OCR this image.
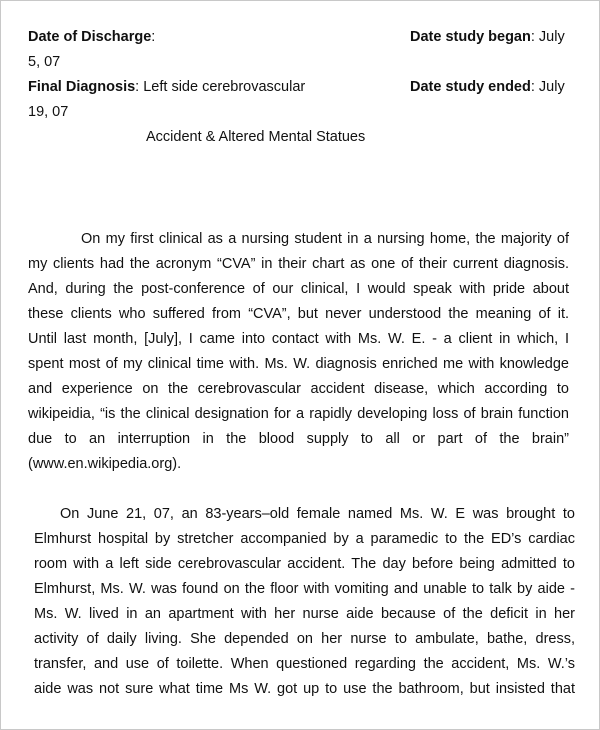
Date of Discharge:	Date study began: July
5, 07
Final Diagnosis: Left side cerebrovascular	Date study ended: July
19, 07
Accident & Altered Mental Statues
On my first clinical as a nursing student in a nursing home, the majority of
my clients had the acronym “CVA” in their chart as one of their current diagnosis.
And, during the post-conference of our clinical, I would speak with pride about
these clients who suffered from “CVA”, but never understood the meaning of it.
Until last month, [July], I came into contact with Ms. W. E. - a client in which, I
spent most of my clinical time with. Ms. W. diagnosis enriched me with knowledge
and experience on the cerebrovascular accident disease, which according to
wikipeidia, “is the clinical designation for a rapidly developing loss of brain function
due to an interruption in the blood supply to all or part of the brain”
(www.en.wikipedia.org).
On June 21, 07, an 83-years–old female named Ms. W. E was brought to
Elmhurst hospital by stretcher accompanied by a paramedic to the ED’s cardiac
room with a left side cerebrovascular accident. The day before being admitted to
Elmhurst, Ms. W. was found on the floor with vomiting and unable to talk by aide -
Ms. W. lived in an apartment with her nurse aide because of the deficit in her
activity of daily living. She depended on her nurse to ambulate, bathe, dress,
transfer, and use of toilette. When questioned regarding the accident, Ms. W.’s
aide was not sure what time Ms W. got up to use the bathroom, but insisted that
